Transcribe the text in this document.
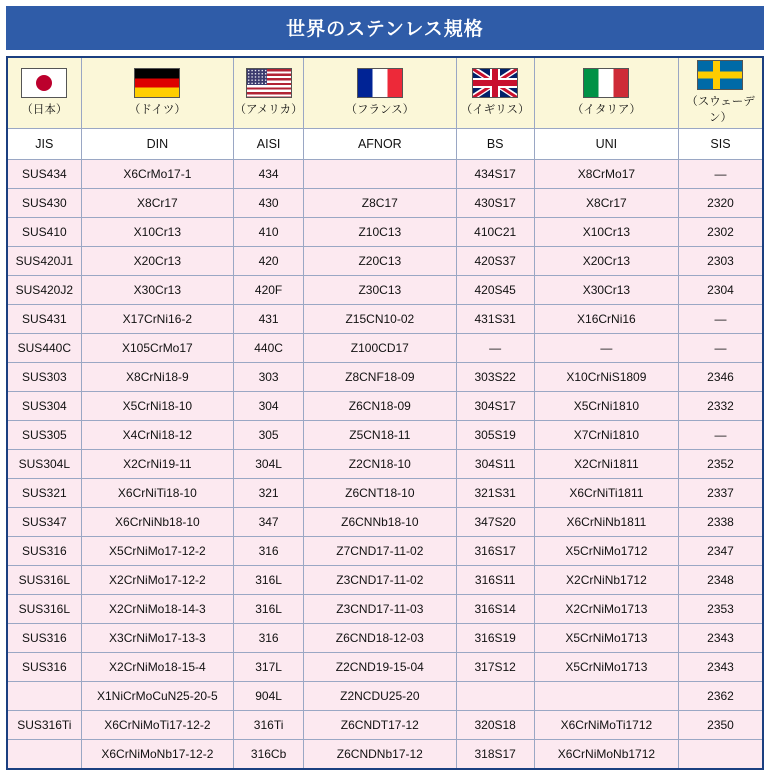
世界のステンレス規格
（日本）	（ドイツ）	（アメリカ）	（フランス）	（イギリス）	（イタリア）	（スウェーデン）

JIS	DIN	AISI	AFNOR	BS	UNI	SIS
SUS434	X6CrMo17-1	434		434S17	X8CrMo17	—
SUS430	X8Cr17	430	Z8C17	430S17	X8Cr17	2320
SUS410	X10Cr13	410	Z10C13	410C21	X10Cr13	2302
SUS420J1	X20Cr13	420	Z20C13	420S37	X20Cr13	2303
SUS420J2	X30Cr13	420F	Z30C13	420S45	X30Cr13	2304
SUS431	X17CrNi16-2	431	Z15CN10-02	431S31	X16CrNi16	—
SUS440C	X105CrMo17	440C	Z100CD17	—	—	—
SUS303	X8CrNi18-9	303	Z8CNF18-09	303S22	X10CrNiS1809	2346
SUS304	X5CrNi18-10	304	Z6CN18-09	304S17	X5CrNi1810	2332
SUS305	X4CrNi18-12	305	Z5CN18-11	305S19	X7CrNi1810	—
SUS304L	X2CrNi19-11	304L	Z2CN18-10	304S11	X2CrNi1811	2352
SUS321	X6CrNiTi18-10	321	Z6CNT18-10	321S31	X6CrNiTi1811	2337
SUS347	X6CrNiNb18-10	347	Z6CNNb18-10	347S20	X6CrNiNb1811	2338
SUS316	X5CrNiMo17-12-2	316	Z7CND17-11-02	316S17	X5CrNiMo1712	2347
SUS316L	X2CrNiMo17-12-2	316L	Z3CND17-11-02	316S11	X2CrNiNb1712	2348
SUS316L	X2CrNiMo18-14-3	316L	Z3CND17-11-03	316S14	X2CrNiMo1713	2353
SUS316	X3CrNiMo17-13-3	316	Z6CND18-12-03	316S19	X5CrNiMo1713	2343
SUS316	X2CrNiMo18-15-4	317L	Z2CND19-15-04	317S12	X5CrNiMo1713	2343
	X1NiCrMoCuN25-20-5	904L	Z2NCDU25-20			2362
SUS316Ti	X6CrNiMoTi17-12-2	316Ti	Z6CNDT17-12	320S18	X6CrNiMoTi1712	2350
	X6CrNiMoNb17-12-2	316Cb	Z6CNDNb17-12	318S17	X6CrNiMoNb1712	
